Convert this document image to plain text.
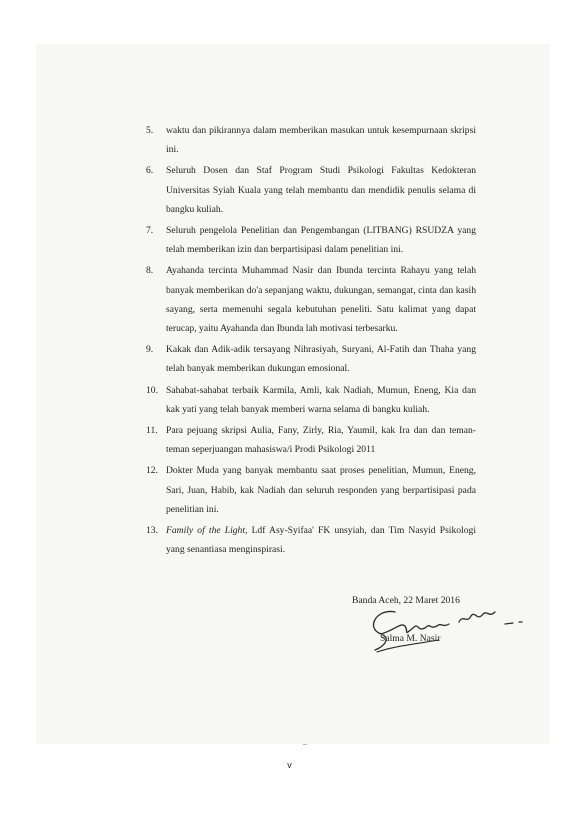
5. waktu dan pikirannya dalam memberikan masukan untuk kesempurnaan skripsi ini.
6. Seluruh Dosen dan Staf Program Studi Psikologi Fakultas Kedokteran Universitas Syiah Kuala yang telah membantu dan mendidik penulis selama di bangku kuliah.
7. Seluruh pengelola Penelitian dan Pengembangan (LITBANG) RSUDZA yang telah memberikan izin dan berpartisipasi dalam penelitian ini.
8. Ayahanda tercinta Muhammad Nasir dan Ibunda tercinta Rahayu yang telah banyak memberikan do'a sepanjang waktu, dukungan, semangat, cinta dan kasih sayang, serta memenuhi segala kebutuhan peneliti. Satu kalimat yang dapat terucap, yaitu Ayahanda dan Ibunda lah motivasi terbesarku.
9. Kakak dan Adik-adik tersayang Nihrasiyah, Suryani, Al-Fatih dan Thaha yang telah banyak memberikan dukungan emosional.
10. Sahabat-sahabat terbaik Karmila, Amli, kak Nadiah, Mumun, Eneng, Kia dan kak yati yang telah banyak memberi warna selama di bangku kuliah.
11. Para pejuang skripsi Aulia, Fany, Zirly, Ria, Yaumil, kak Ira dan dan teman-teman seperjuangan mahasiswa/i Prodi Psikologi 2011
12. Dokter Muda yang banyak membantu saat proses penelitian, Mumun, Eneng, Sari, Juan, Habib, kak Nadiah dan seluruh responden yang berpartisipasi pada penelitian ini.
13. Family of the Light, Ldf Asy-Syifaa' FK unsyiah, dan Tim Nasyid Psikologi yang senantiasa menginspirasi.
Banda Aceh, 22 Maret 2016
Salma M. Nasir
v
